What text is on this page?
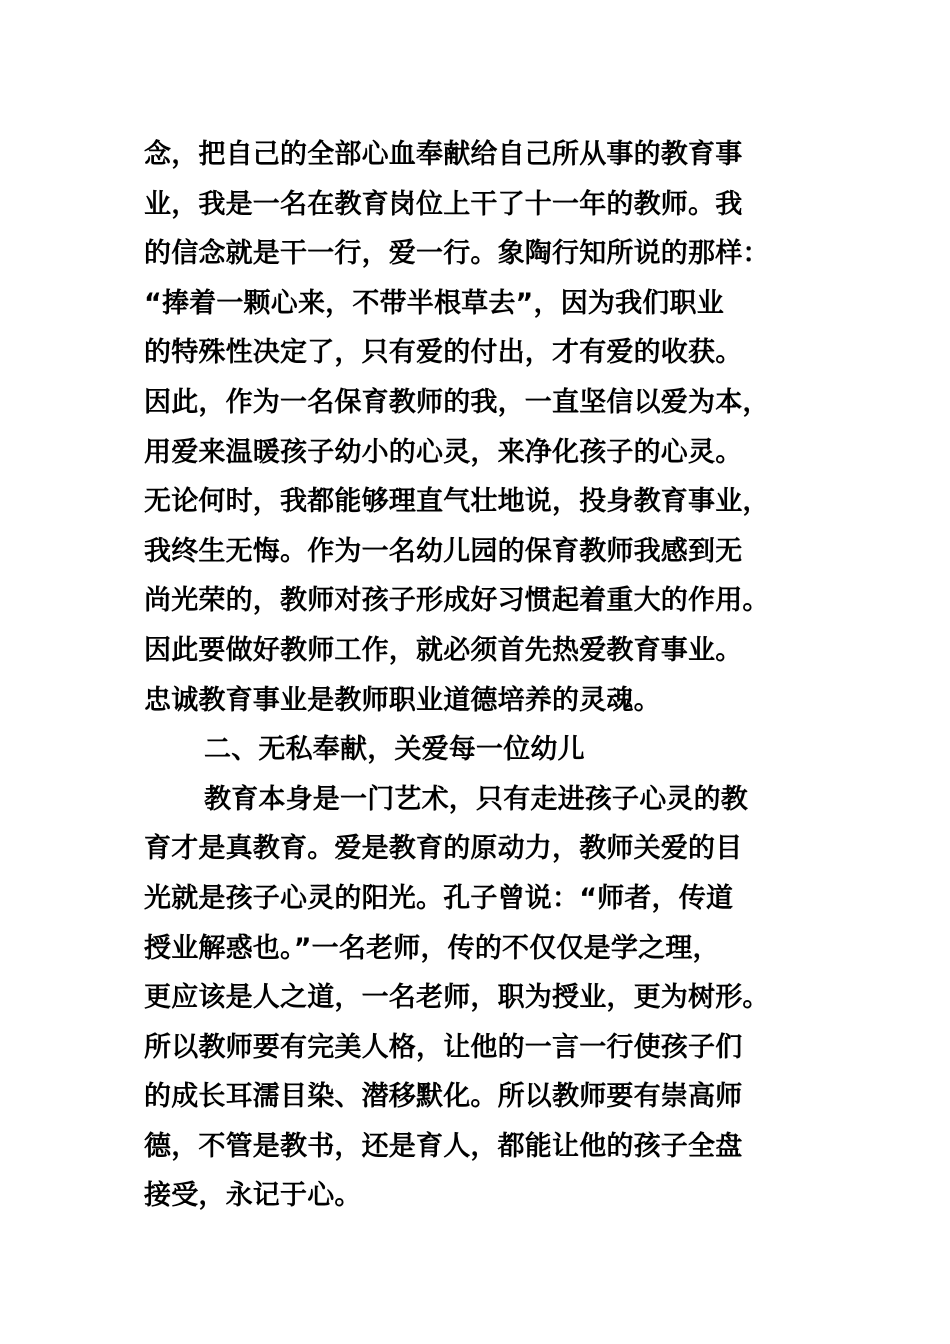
念，把自己的全部心血奉献给自己所从事的教育事
业，我是一名在教育岗位上干了十一年的教师。我
的信念就是干一行，爱一行。象陶行知所说的那样：
“捧着一颗心来，不带半根草去”，因为我们职业
的特殊性决定了，只有爱的付出，才有爱的收获。
因此，作为一名保育教师的我，一直坚信以爱为本，
用爱来温暖孩子幼小的心灵，来净化孩子的心灵。
无论何时，我都能够理直气壮地说，投身教育事业，
我终生无悔。作为一名幼儿园的保育教师我感到无
尚光荣的，教师对孩子形成好习惯起着重大的作用。
因此要做好教师工作，就必须首先热爱教育事业。
忠诚教育事业是教师职业道德培养的灵魂。
二、无私奉献，关爱每一位幼儿
教育本身是一门艺术，只有走进孩子心灵的教
育才是真教育。爱是教育的原动力，教师关爱的目
光就是孩子心灵的阳光。孔子曾说：“师者，传道
授业解惑也。”一名老师，传的不仅仅是学之理，
更应该是人之道，一名老师，职为授业，更为树形。
所以教师要有完美人格，让他的一言一行使孩子们
的成长耳濡目染、潜移默化。所以教师要有崇高师
德，不管是教书，还是育人，都能让他的孩子全盘
接受，永记于心。
